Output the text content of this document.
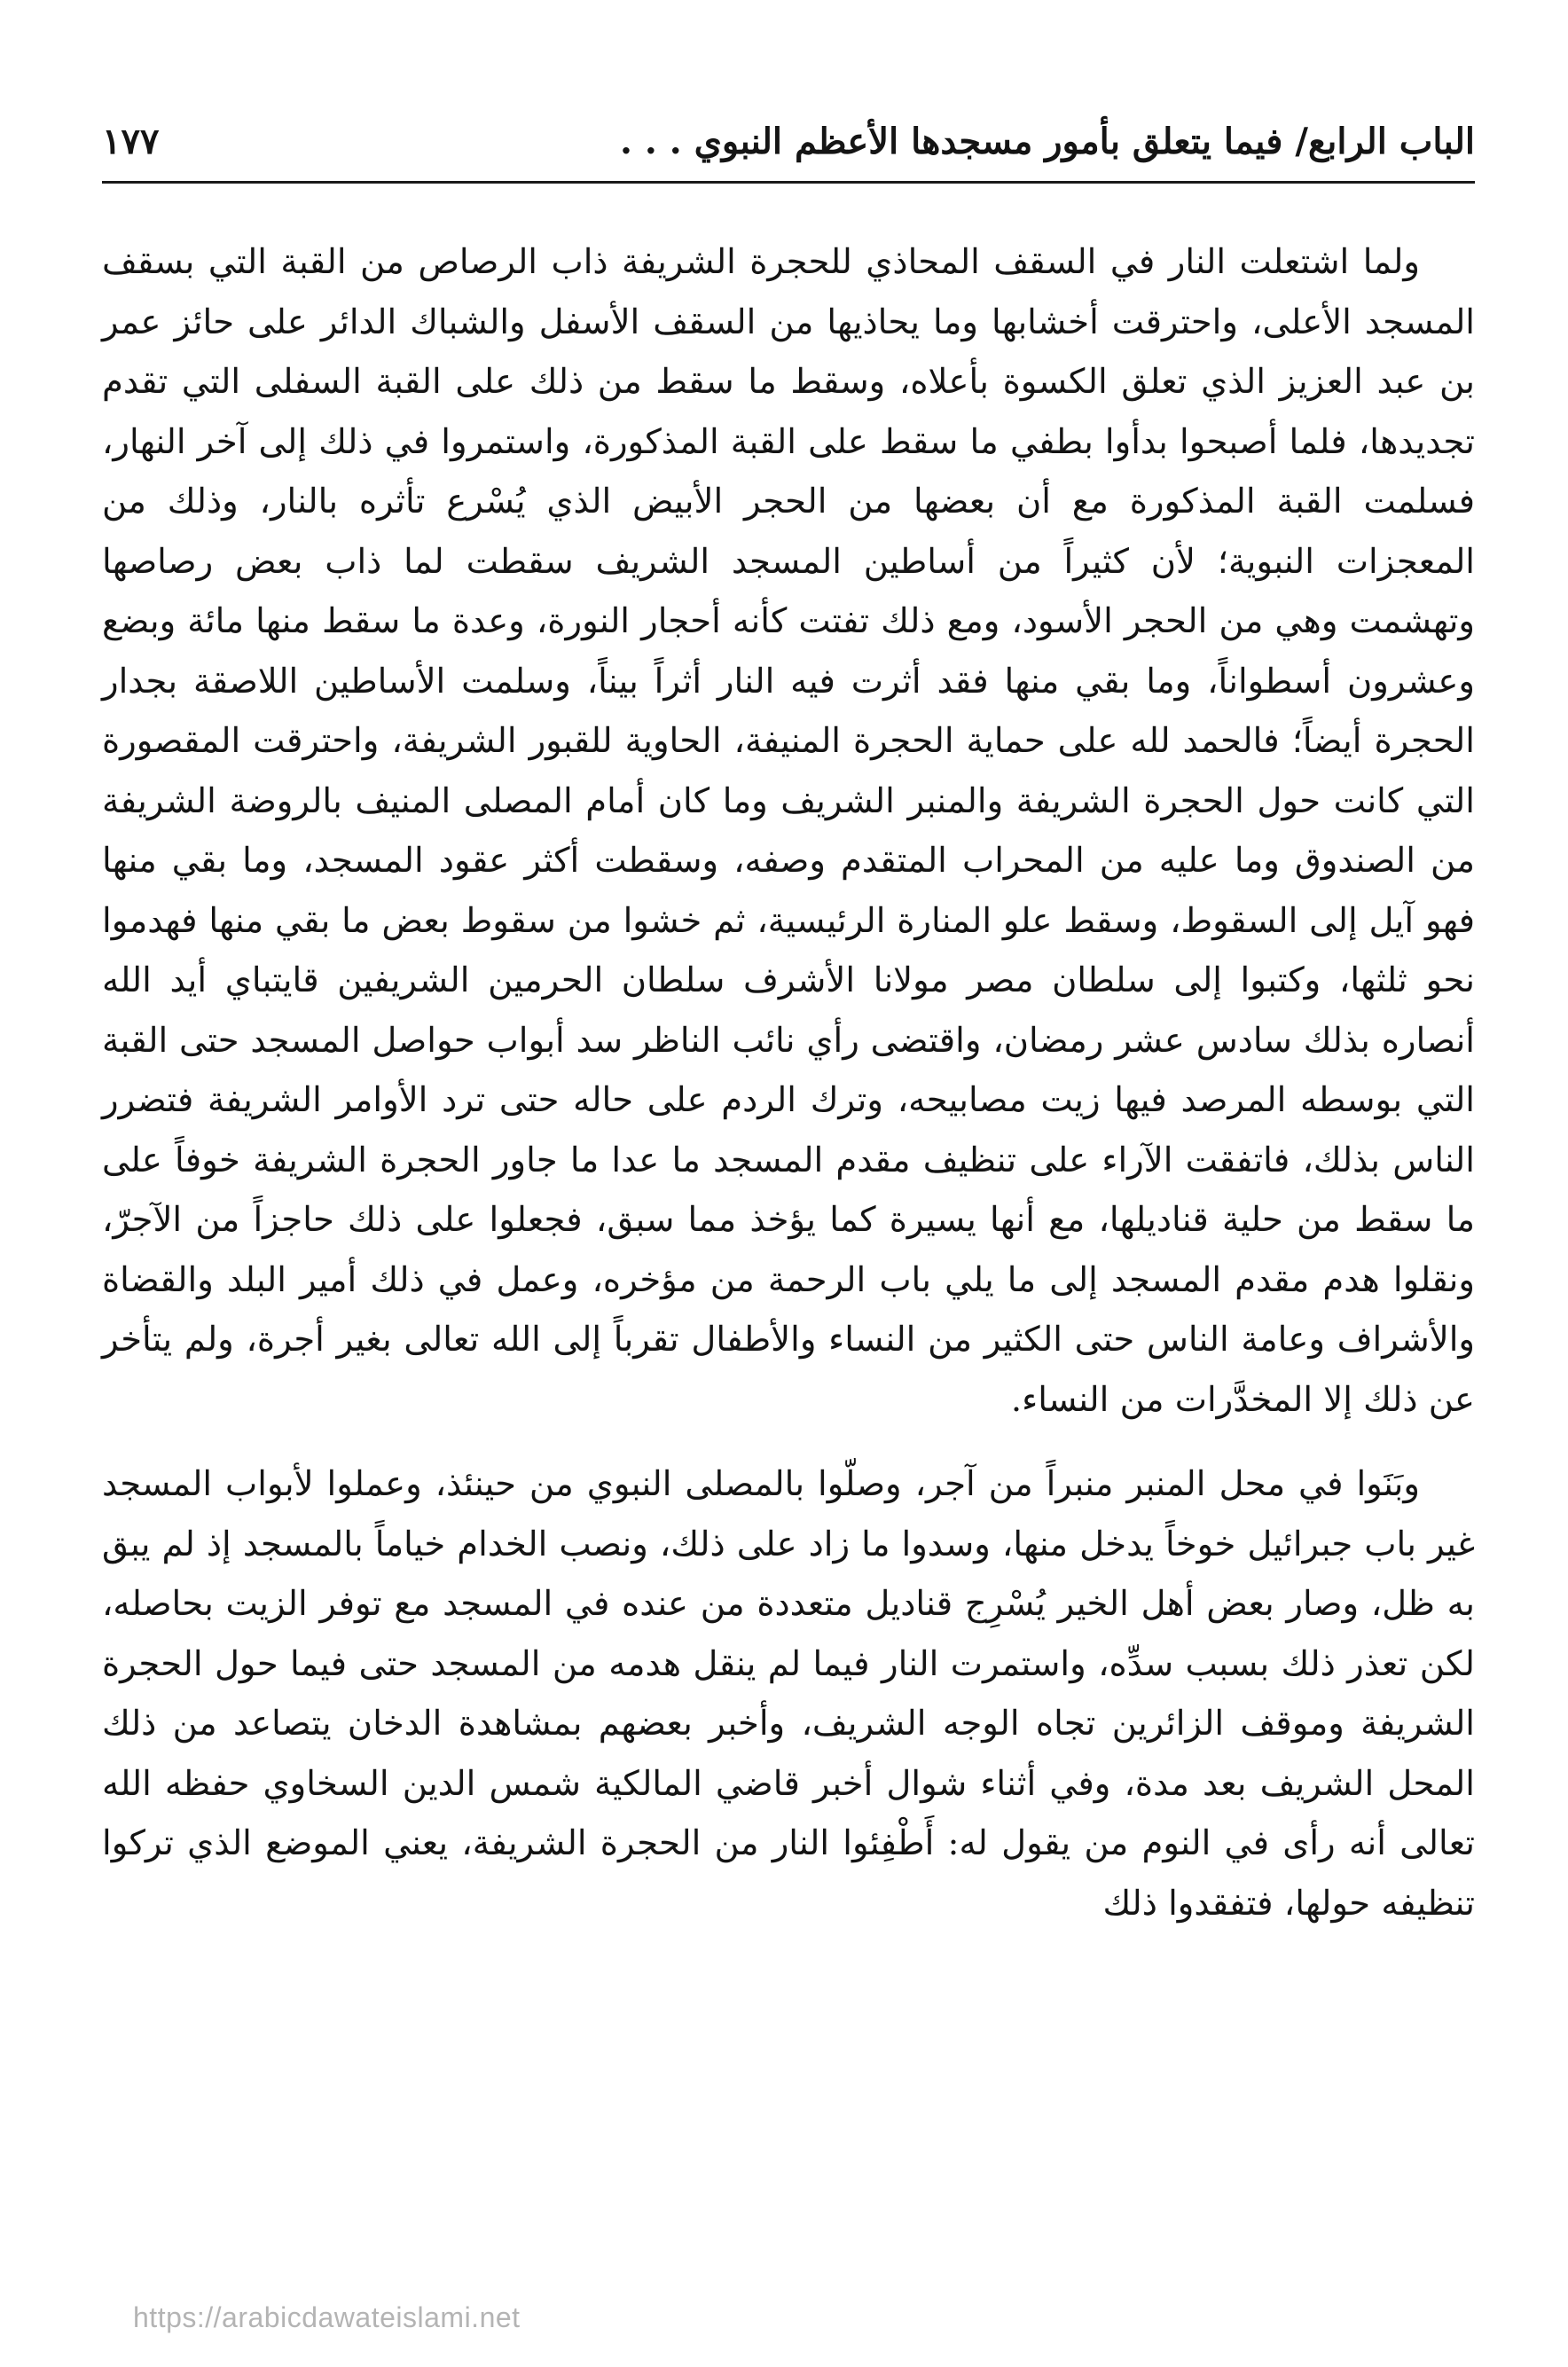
الباب الرابع/ فيما يتعلق بأمور مسجدها الأعظم النبوي . . .
١٧٧

ولما اشتعلت النار في السقف المحاذي للحجرة الشريفة ذاب الرصاص من القبة التي بسقف المسجد الأعلى، واحترقت أخشابها وما يحاذيها من السقف الأسفل والشباك الدائر على حائز عمر بن عبد العزيز الذي تعلق الكسوة بأعلاه، وسقط ما سقط من ذلك على القبة السفلى التي تقدم تجديدها، فلما أصبحوا بدأوا بطفي ما سقط على القبة المذكورة، واستمروا في ذلك إلى آخر النهار، فسلمت القبة المذكورة مع أن بعضها من الحجر الأبيض الذي يُسْرع تأثره بالنار، وذلك من المعجزات النبوية؛ لأن كثيراً من أساطين المسجد الشريف سقطت لما ذاب بعض رصاصها وتهشمت وهي من الحجر الأسود، ومع ذلك تفتت كأنه أحجار النورة، وعدة ما سقط منها مائة وبضع وعشرون أسطواناً، وما بقي منها فقد أثرت فيه النار أثراً بيناً، وسلمت الأساطين اللاصقة بجدار الحجرة أيضاً؛ فالحمد لله على حماية الحجرة المنيفة، الحاوية للقبور الشريفة، واحترقت المقصورة التي كانت حول الحجرة الشريفة والمنبر الشريف وما كان أمام المصلى المنيف بالروضة الشريفة من الصندوق وما عليه من المحراب المتقدم وصفه، وسقطت أكثر عقود المسجد، وما بقي منها فهو آيل إلى السقوط، وسقط علو المنارة الرئيسية، ثم خشوا من سقوط بعض ما بقي منها فهدموا نحو ثلثها، وكتبوا إلى سلطان مصر مولانا الأشرف سلطان الحرمين الشريفين قايتباي أيد الله أنصاره بذلك سادس عشر رمضان، واقتضى رأي نائب الناظر سد أبواب حواصل المسجد حتى القبة التي بوسطه المرصد فيها زيت مصابيحه، وترك الردم على حاله حتى ترد الأوامر الشريفة فتضرر الناس بذلك، فاتفقت الآراء على تنظيف مقدم المسجد ما عدا ما جاور الحجرة الشريفة خوفاً على ما سقط من حلية قناديلها، مع أنها يسيرة كما يؤخذ مما سبق، فجعلوا على ذلك حاجزاً من الآجرّ، ونقلوا هدم مقدم المسجد إلى ما يلي باب الرحمة من مؤخره، وعمل في ذلك أمير البلد والقضاة والأشراف وعامة الناس حتى الكثير من النساء والأطفال تقرباً إلى الله تعالى بغير أجرة، ولم يتأخر عن ذلك إلا المخدَّرات من النساء.

وبَنَوا في محل المنبر منبراً من آجر، وصلّوا بالمصلى النبوي من حينئذ، وعملوا لأبواب المسجد غير باب جبرائيل خوخاً يدخل منها، وسدوا ما زاد على ذلك، ونصب الخدام خياماً بالمسجد إذ لم يبق به ظل، وصار بعض أهل الخير يُسْرِج قناديل متعددة من عنده في المسجد مع توفر الزيت بحاصله، لكن تعذر ذلك بسبب سدِّه، واستمرت النار فيما لم ينقل هدمه من المسجد حتى فيما حول الحجرة الشريفة وموقف الزائرين تجاه الوجه الشريف، وأخبر بعضهم بمشاهدة الدخان يتصاعد من ذلك المحل الشريف بعد مدة، وفي أثناء شوال أخبر قاضي المالكية شمس الدين السخاوي حفظه الله تعالى أنه رأى في النوم من يقول له: أَطْفِئوا النار من الحجرة الشريفة، يعني الموضع الذي تركوا تنظيفه حولها، فتفقدوا ذلك

https://arabicdawateislami.net
